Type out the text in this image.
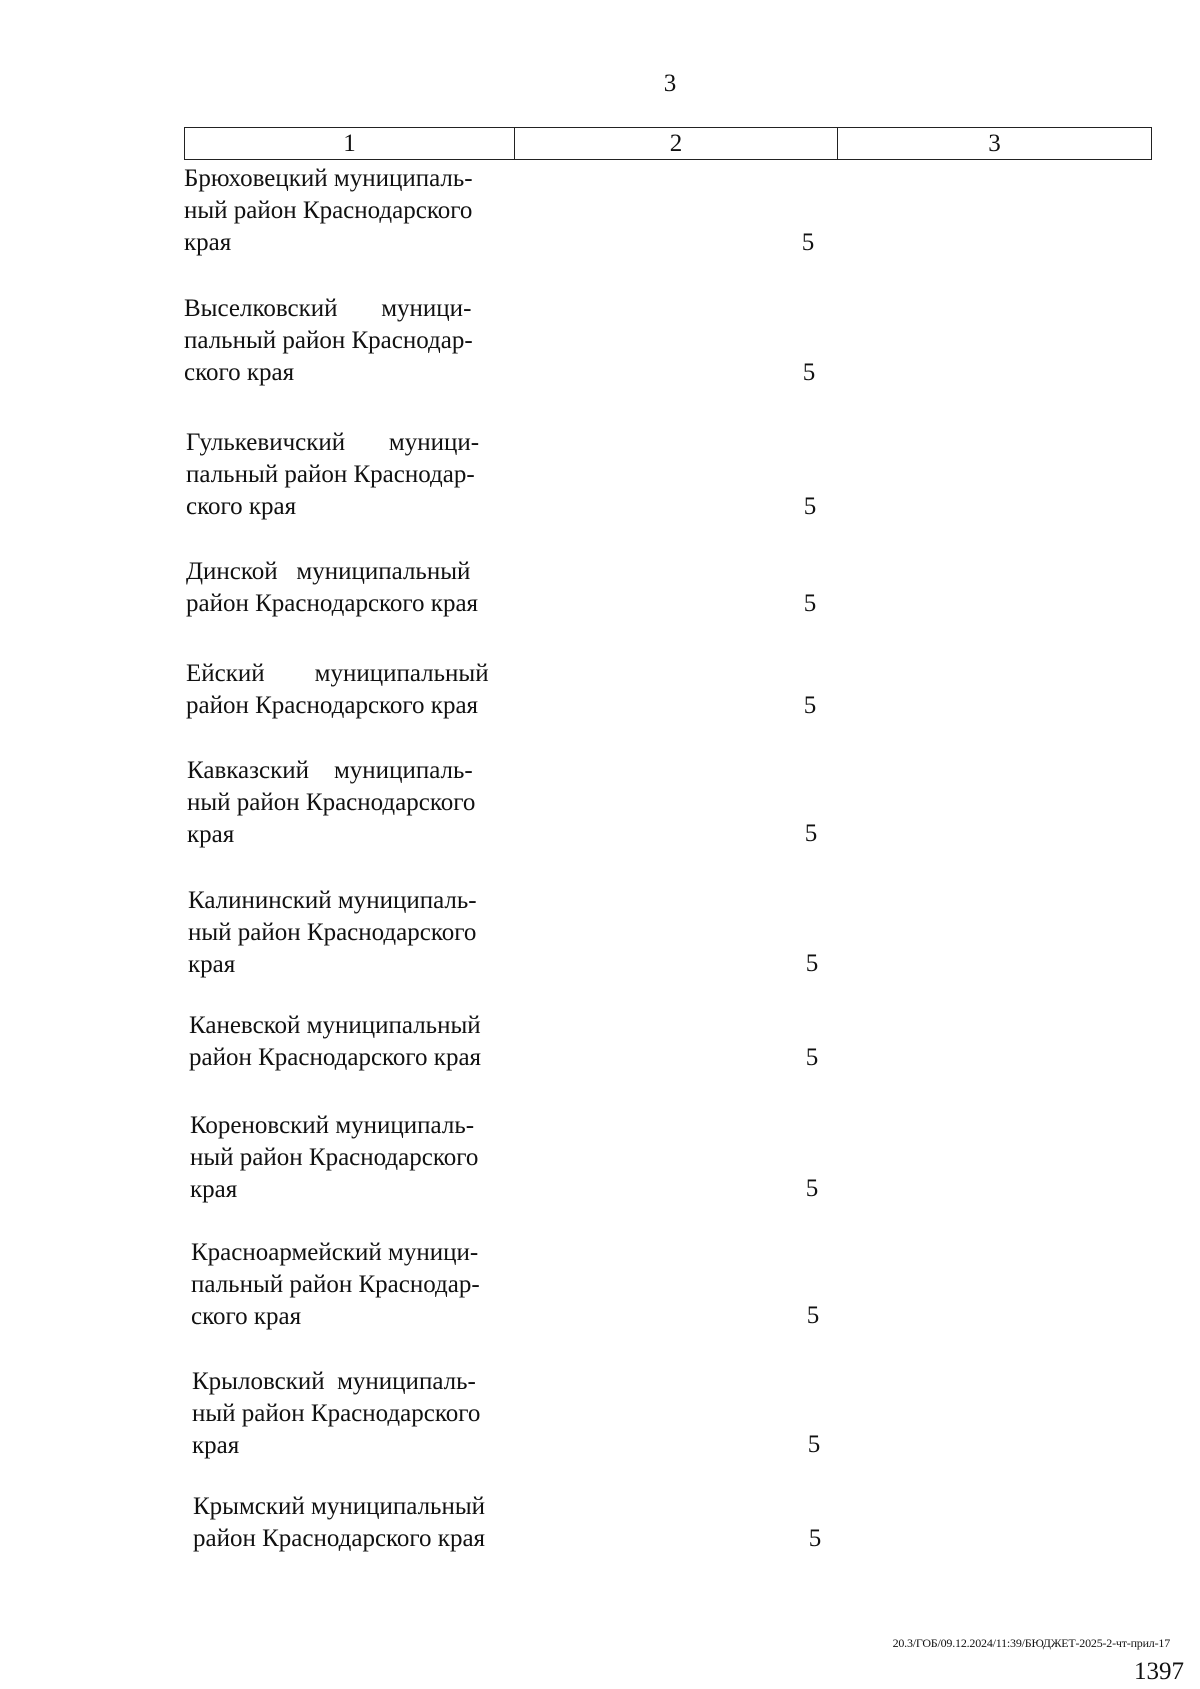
3
1	2	3
Брюховецкий муниципаль-
ный район Краснодарского
края	5
Выселковский       муници-
пальный район Краснодар-
ского края	5
Гулькевичский       муници-
пальный район Краснодар-
ского края	5
Динской   муниципальный
район Краснодарского края	5
Ейский        муниципальный
район Краснодарского края	5
Кавказский    муниципаль-
ный район Краснодарского
края	5
Калининский муниципаль-
ный район Краснодарского
края	5
Каневской муниципальный
район Краснодарского края	5
Кореновский муниципаль-
ный район Краснодарского
края	5
Красноармейский муници-
пальный район Краснодар-
ского края	5
Крыловский  муниципаль-
ный район Краснодарского
края	5
Крымский муниципальный
район Краснодарского края	5
20.3/ГОБ/09.12.2024/11:39/БЮДЖЕТ-2025-2-чт-прил-17
1397
